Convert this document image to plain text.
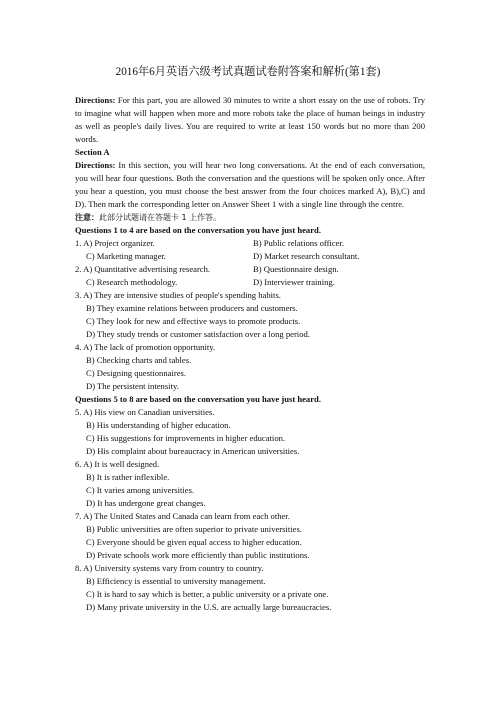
2016年6月英语六级考试真题试卷附答案和解析(第1套)

Directions: For this part, you are allowed 30 minutes to write a short essay on the use of robots. Try to imagine what will happen when more and more robots take the place of human beings in industry as well as people's daily lives. You are required to write at least 150 words but no more than 200 words.

Section A

Directions: In this section, you will hear two long conversations. At the end of each conversation, you will hear four questions. Both the conversation and the questions will be spoken only once. After you hear a question, you must choose the best answer from the four choices marked A), B),C) and D). Then mark the corresponding letter on Answer Sheet 1 with a single line through the centre.

注意：此部分试题请在答题卡 1 上作答。
Questions 1 to 4 are based on the conversation you have just heard.
1. A) Project organizer.	B) Public relations officer.
C) Marketing manager.	D) Market research consultant.
2. A) Quantitative advertising research.	B) Questionnaire design.
C) Research methodology.	D) Interviewer training.
3. A) They are intensive studies of people's spending habits.
B) They examine relations between producers and customers.
C) They look for new and effective ways to promote products.
D) They study trends or customer satisfaction over a long period.
4. A) The lack of promotion opportunity.
B) Checking charts and tables.
C) Designing questionnaires.
D) The persistent intensity.
Questions 5 to 8 are based on the conversation you have just heard.
5. A) His view on Canadian universities.
B) His understanding of higher education.
C) His suggestions for improvements in higher education.
D) His complaint about bureaucracy in American universities.
6. A) It is well designed.
B) It is rather inflexible.
C) It varies among universities.
D) It has undergone great changes.
7. A) The United States and Canada can learn from each other.
B) Public universities are often superior to private universities.
C) Everyone should be given equal access to higher education.
D) Private schools work more efficiently than public institutions.
8. A) University systems vary from country to country.
B) Efficiency is essential to university management.
C) It is hard to say which is better, a public university or a private one.
D) Many private university in the U.S. are actually large bureaucracies.
